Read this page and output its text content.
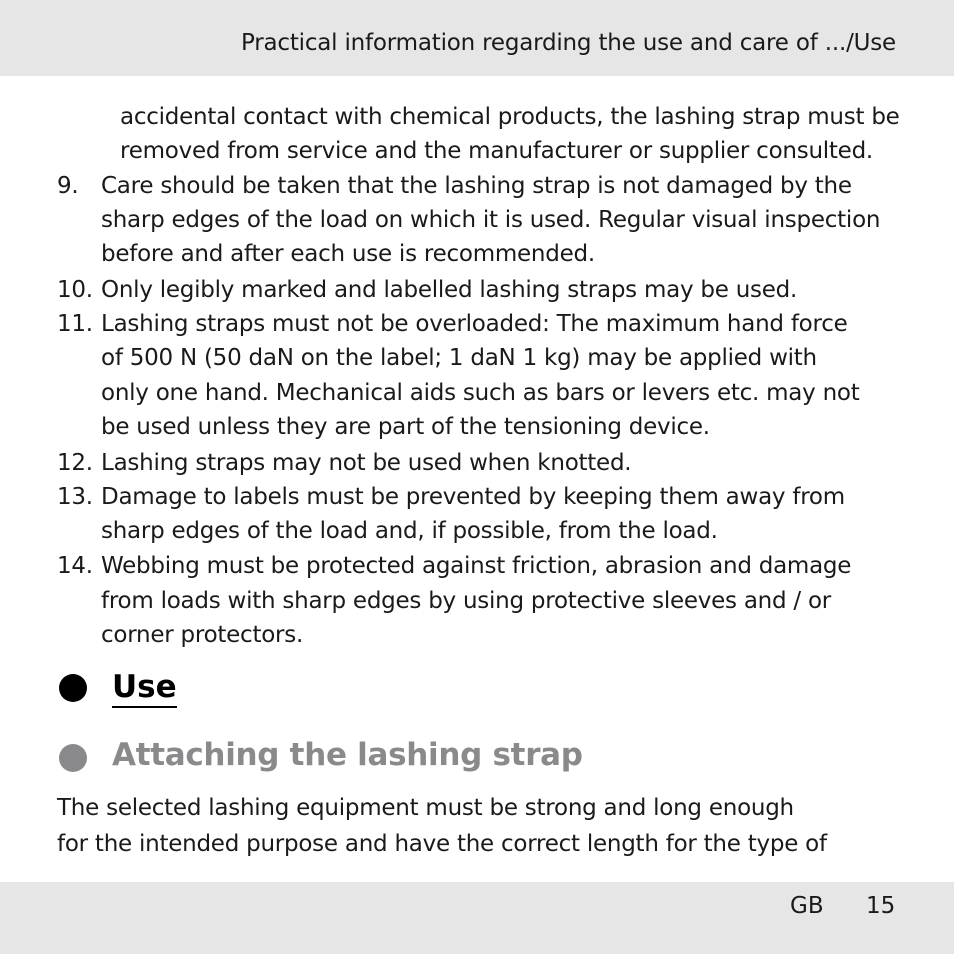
Practical information regarding the use and care of .../Use
accidental contact with chemical products, the lashing strap must be
removed from service and the manufacturer or supplier consulted.
9. Care should be taken that the lashing strap is not damaged by the
sharp edges of the load on which it is used. Regular visual inspection
before and after each use is recommended.
10. Only legibly marked and labelled lashing straps may be used.
11. Lashing straps must not be overloaded: The maximum hand force
of 500 N (50 daN on the label; 1 daN 1 kg) may be applied with
only one hand. Mechanical aids such as bars or levers etc. may not
be used unless they are part of the tensioning device.
12. Lashing straps may not be used when knotted.
13. Damage to labels must be prevented by keeping them away from
sharp edges of the load and, if possible, from the load.
14. Webbing must be protected against friction, abrasion and damage
from loads with sharp edges by using protective sleeves and / or
corner protectors.
Use
Attaching the lashing strap
The selected lashing equipment must be strong and long enough
for the intended purpose and have the correct length for the type of
GB 15
